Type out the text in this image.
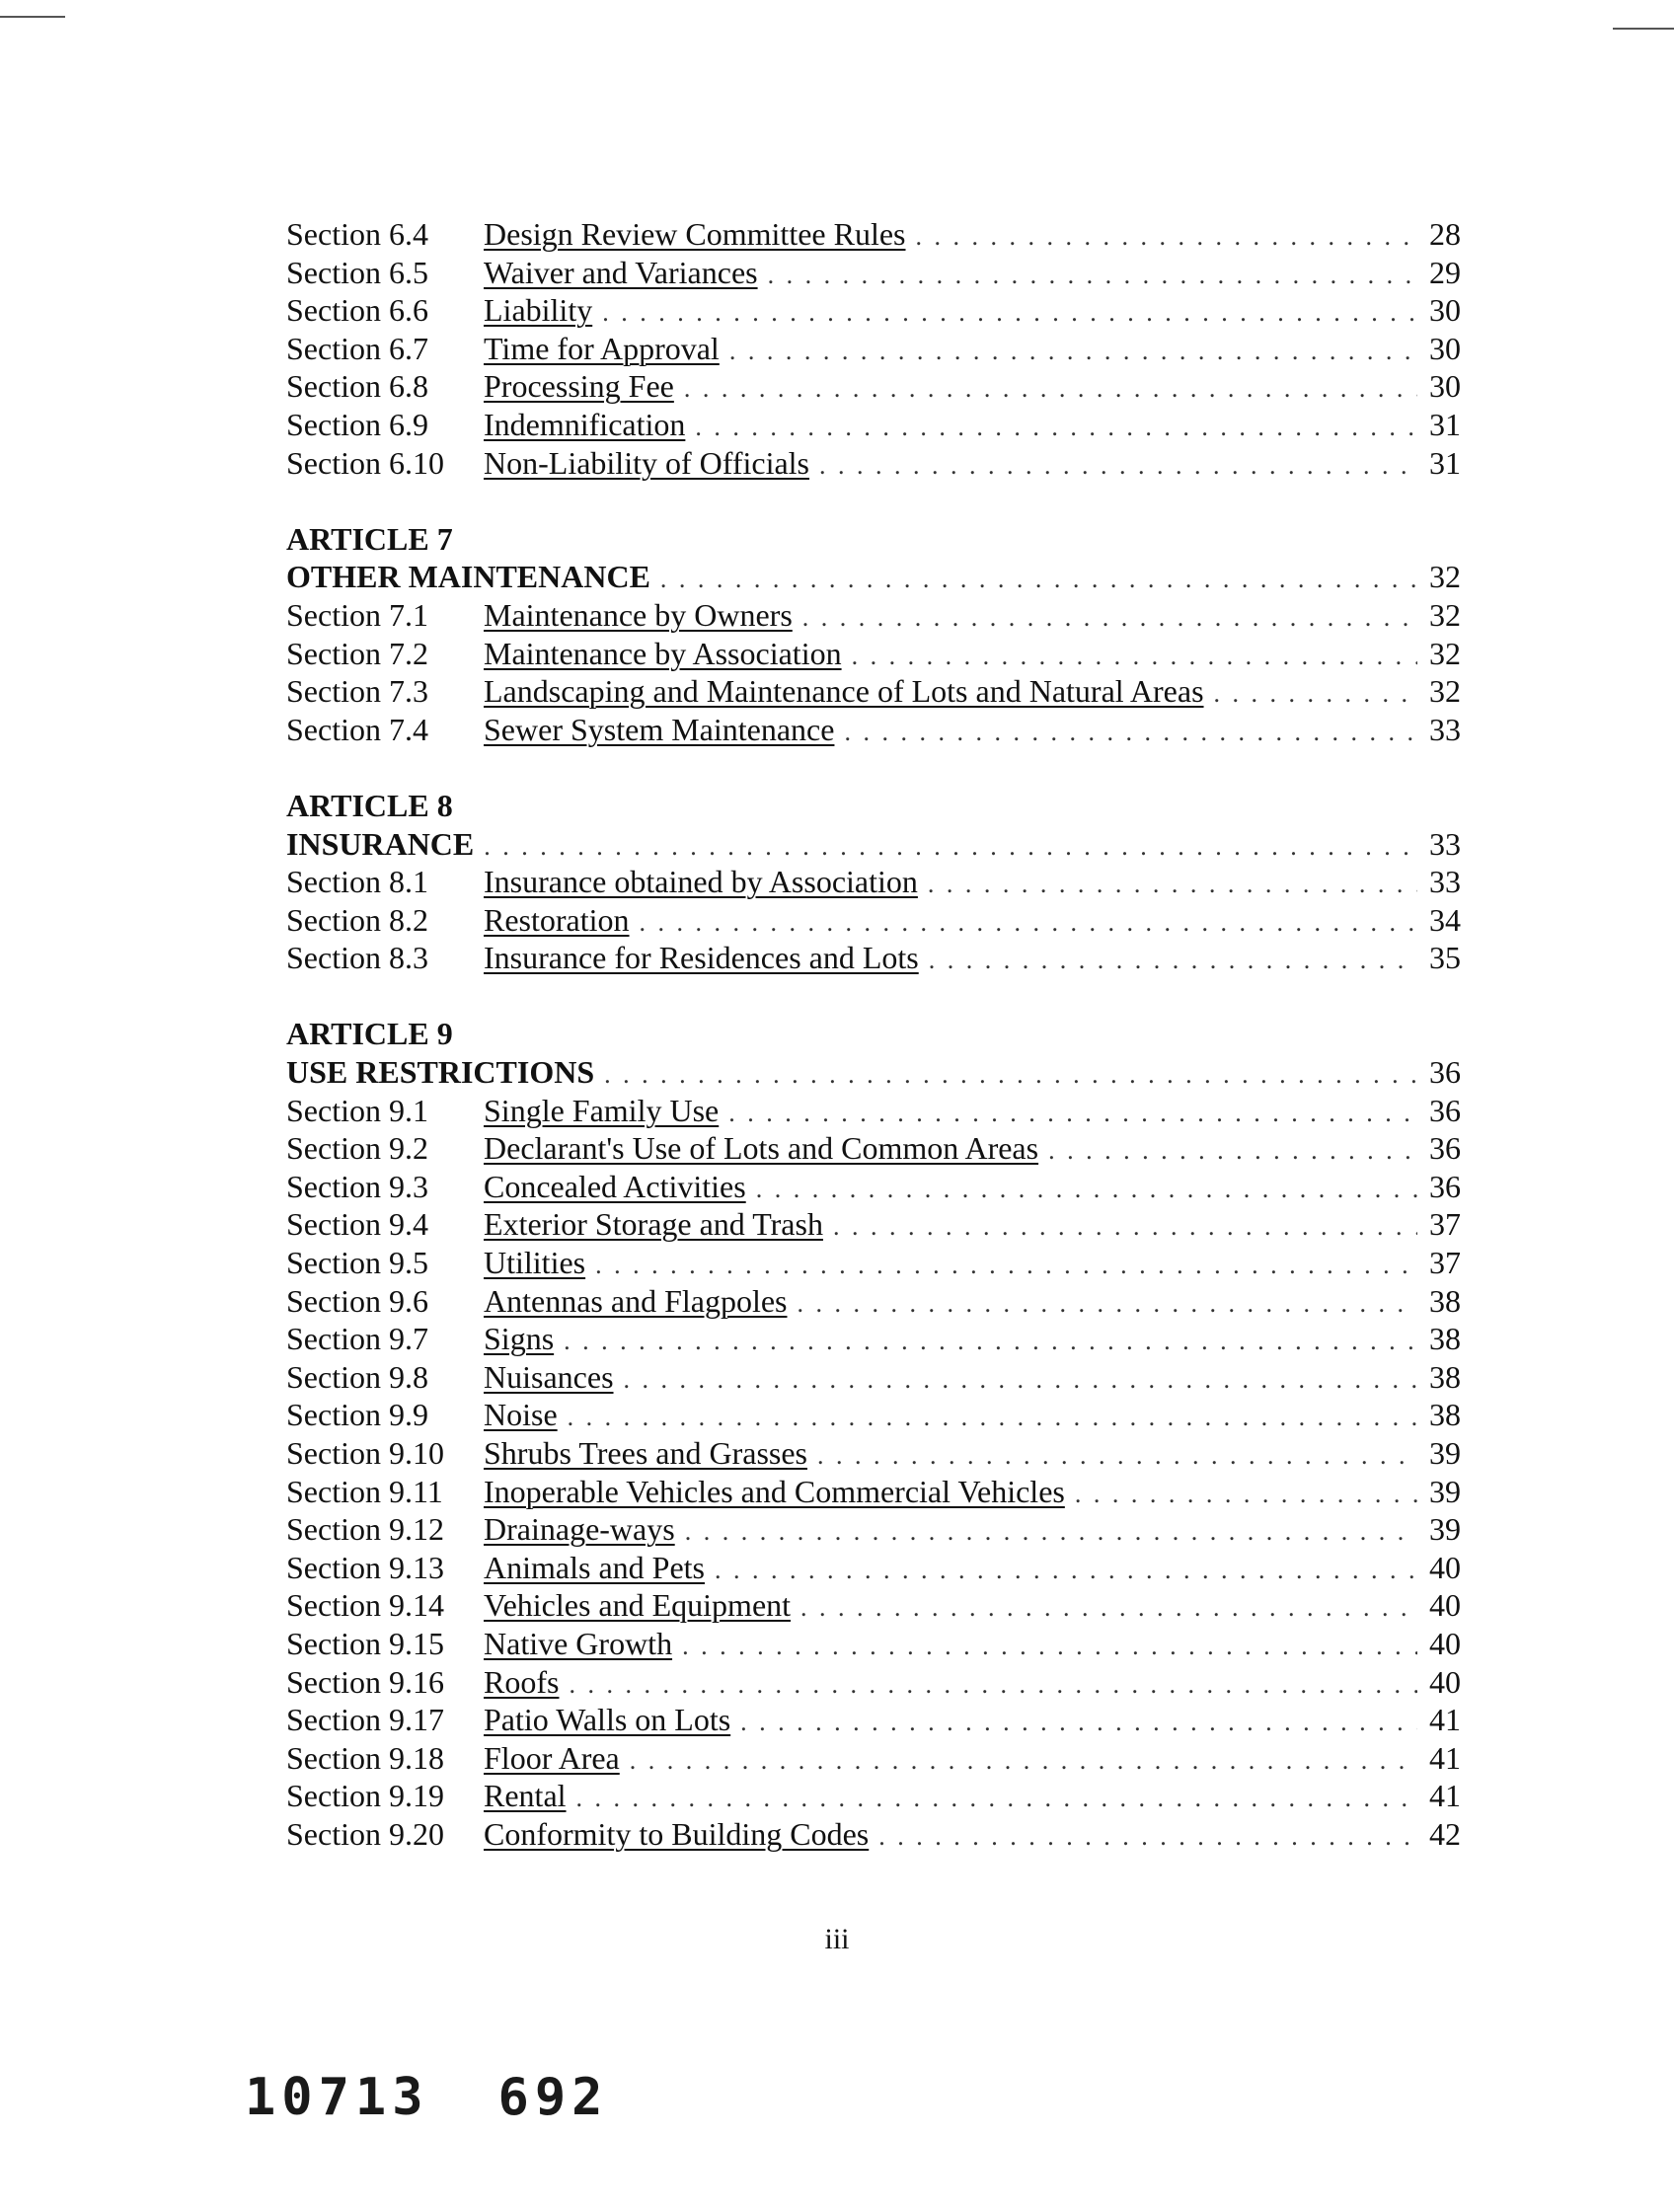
Section 6.4	Design Review Committee Rules . . .	28
Section 6.5	Waiver and Variances . . .	29
Section 6.6	Liability . . .	30
Section 6.7	Time for Approval . . .	30
Section 6.8	Processing Fee . . .	30
Section 6.9	Indemnification . . .	31
Section 6.10	Non-Liability of Officials . . .	31
ARTICLE 7
OTHER MAINTENANCE . . .	32
Section 7.1	Maintenance by Owners . . .	32
Section 7.2	Maintenance by Association . . .	32
Section 7.3	Landscaping and Maintenance of Lots and Natural Areas . . .	32
Section 7.4	Sewer System Maintenance . . .	33
ARTICLE 8
INSURANCE . . .	33
Section 8.1	Insurance obtained by Association . . .	33
Section 8.2	Restoration . . .	34
Section 8.3	Insurance for Residences and Lots . . .	35
ARTICLE 9
USE RESTRICTIONS . . .	36
Section 9.1	Single Family Use . . .	36
Section 9.2	Declarant's Use of Lots and Common Areas . . .	36
Section 9.3	Concealed Activities . . .	36
Section 9.4	Exterior Storage and Trash . . .	37
Section 9.5	Utilities . . .	37
Section 9.6	Antennas and Flagpoles . . .	38
Section 9.7	Signs . . .	38
Section 9.8	Nuisances . . .	38
Section 9.9	Noise . . .	38
Section 9.10	Shrubs Trees and Grasses . . .	39
Section 9.11	Inoperable Vehicles and Commercial Vehicles . . .	39
Section 9.12	Drainage-ways . . .	39
Section 9.13	Animals and Pets . . .	40
Section 9.14	Vehicles and Equipment . . .	40
Section 9.15	Native Growth . . .	40
Section 9.16	Roofs . . .	40
Section 9.17	Patio Walls on Lots . . .	41
Section 9.18	Floor Area . . .	41
Section 9.19	Rental . . .	41
Section 9.20	Conformity to Building Codes . . .	42
iii
10713 692
